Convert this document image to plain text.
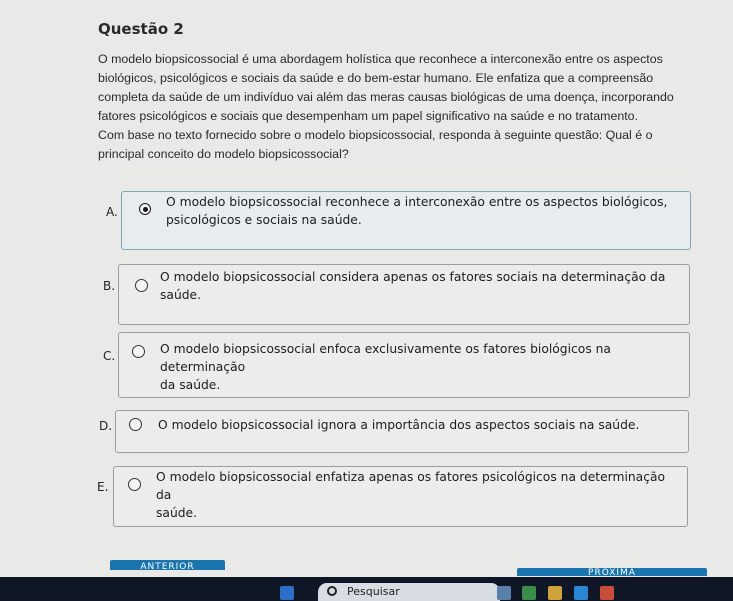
Questão 2
O modelo biopsicossocial é uma abordagem holística que reconhece a interconexão entre os aspectos
biológicos, psicológicos e sociais da saúde e do bem-estar humano. Ele enfatiza que a compreensão
completa da saúde de um indivíduo vai além das meras causas biológicas de uma doença, incorporando
fatores psicológicos e sociais que desempenham um papel significativo na saúde e no tratamento.
Com base no texto fornecido sobre o modelo biopsicossocial, responda à seguinte questão: Qual é o
principal conceito do modelo biopsicossocial?
A.
O modelo biopsicossocial reconhece a interconexão entre os aspectos biológicos,
psicológicos e sociais na saúde.
B.
O modelo biopsicossocial considera apenas os fatores sociais na determinação da
saúde.
C.	O modelo biopsicossocial enfoca exclusivamente os fatores biológicos na determinação
da saúde.
D.	O modelo biopsicossocial ignora a importância dos aspectos sociais na saúde.
E.
O modelo biopsicossocial enfatiza apenas os fatores psicológicos na determinação da
saúde.
ANTERIOR
PRÓXIMA
Pesquisar
